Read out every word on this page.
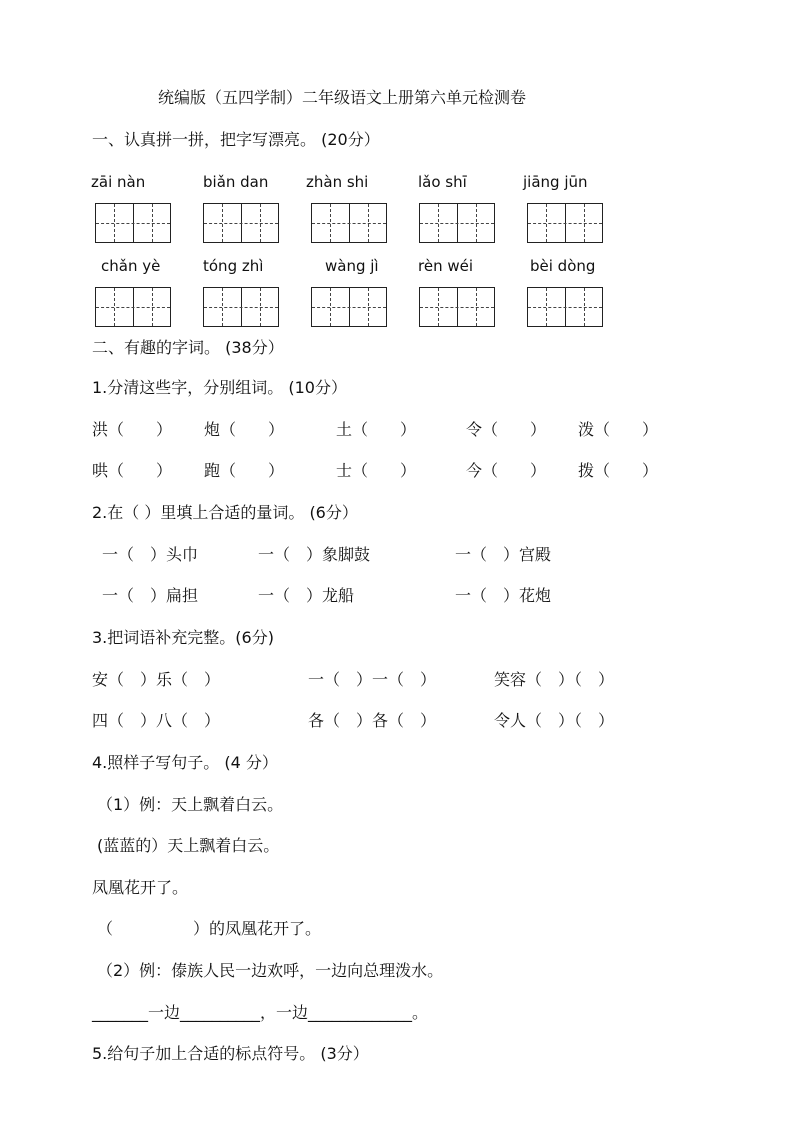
统编版（五四学制）二年级语文上册第六单元检测卷
一、认真拼一拼，把字写漂亮。 (20分）
zāi nàn	biǎn dan	zhàn shi	lǎo shī	jiāng jūn
chǎn yè	tóng zhì	wàng jì	rèn wéi	bèi dòng
二、有趣的字词。 (38分）
1.分清这些字，分别组词。 (10分）
洪（　　） 炮（　　）	土（　　）	令（　　） 泼（　　）
哄（　　） 跑（　　）	士（　　）	今（　　） 拨（　　）
2.在（ ）里填上合适的量词。 (6分）
一（　）头巾	一（　）象脚鼓	一（　）宫殿
一（　）扁担	一（　）龙船	一（　）花炮
3.把词语补充完整。(6分)
安（　）乐（　）	一（　）一（　）	笑容（　）（　）
四（　）八（　）	各（　）各（　）	令人（　）（　）
4.照样子写句子。 (4 分）
（1）例：天上飘着白云。
(蓝蓝的）天上飘着白云。
凤凰花开了。
（　　　　　）的凤凰花开了。
（2）例：傣族人民一边欢呼，一边向总理泼水。
_______一边__________，一边_____________。
5.给句子加上合适的标点符号。 (3分）
